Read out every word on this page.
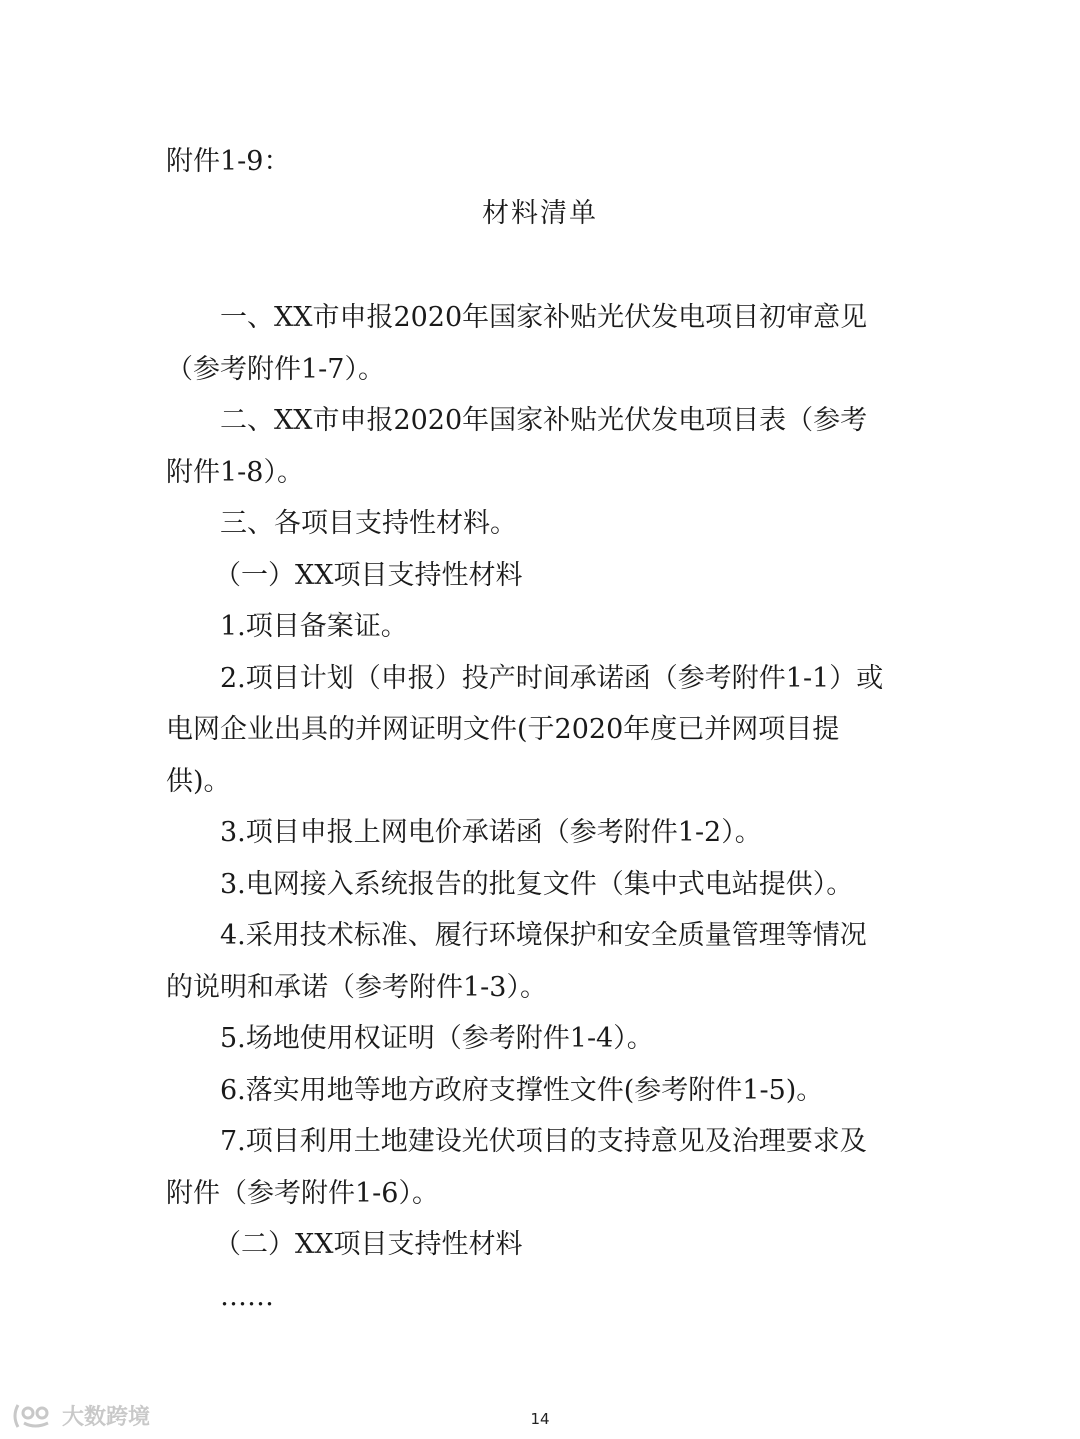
附件1-9：
材料清单

一、XX市申报2020年国家补贴光伏发电项目初审意见
（参考附件1-7）。

二、XX市申报2020年国家补贴光伏发电项目表（参考
附件1-8）。

三、各项目支持性材料。

（一）XX项目支持性材料

1.项目备案证。

2.项目计划（申报）投产时间承诺函（参考附件1-1）或
电网企业出具的并网证明文件(于2020年度已并网项目提
供)。

3.项目申报上网电价承诺函（参考附件1-2）。

3.电网接入系统报告的批复文件（集中式电站提供）。

4.采用技术标准、履行环境保护和安全质量管理等情况
的说明和承诺（参考附件1-3）。

5.场地使用权证明（参考附件1-4）。

6.落实用地等地方政府支撑性文件(参考附件1-5)。

7.项目利用土地建设光伏项目的支持意见及治理要求及
附件（参考附件1-6）。

（二）XX项目支持性材料

……

大数跨境	14
